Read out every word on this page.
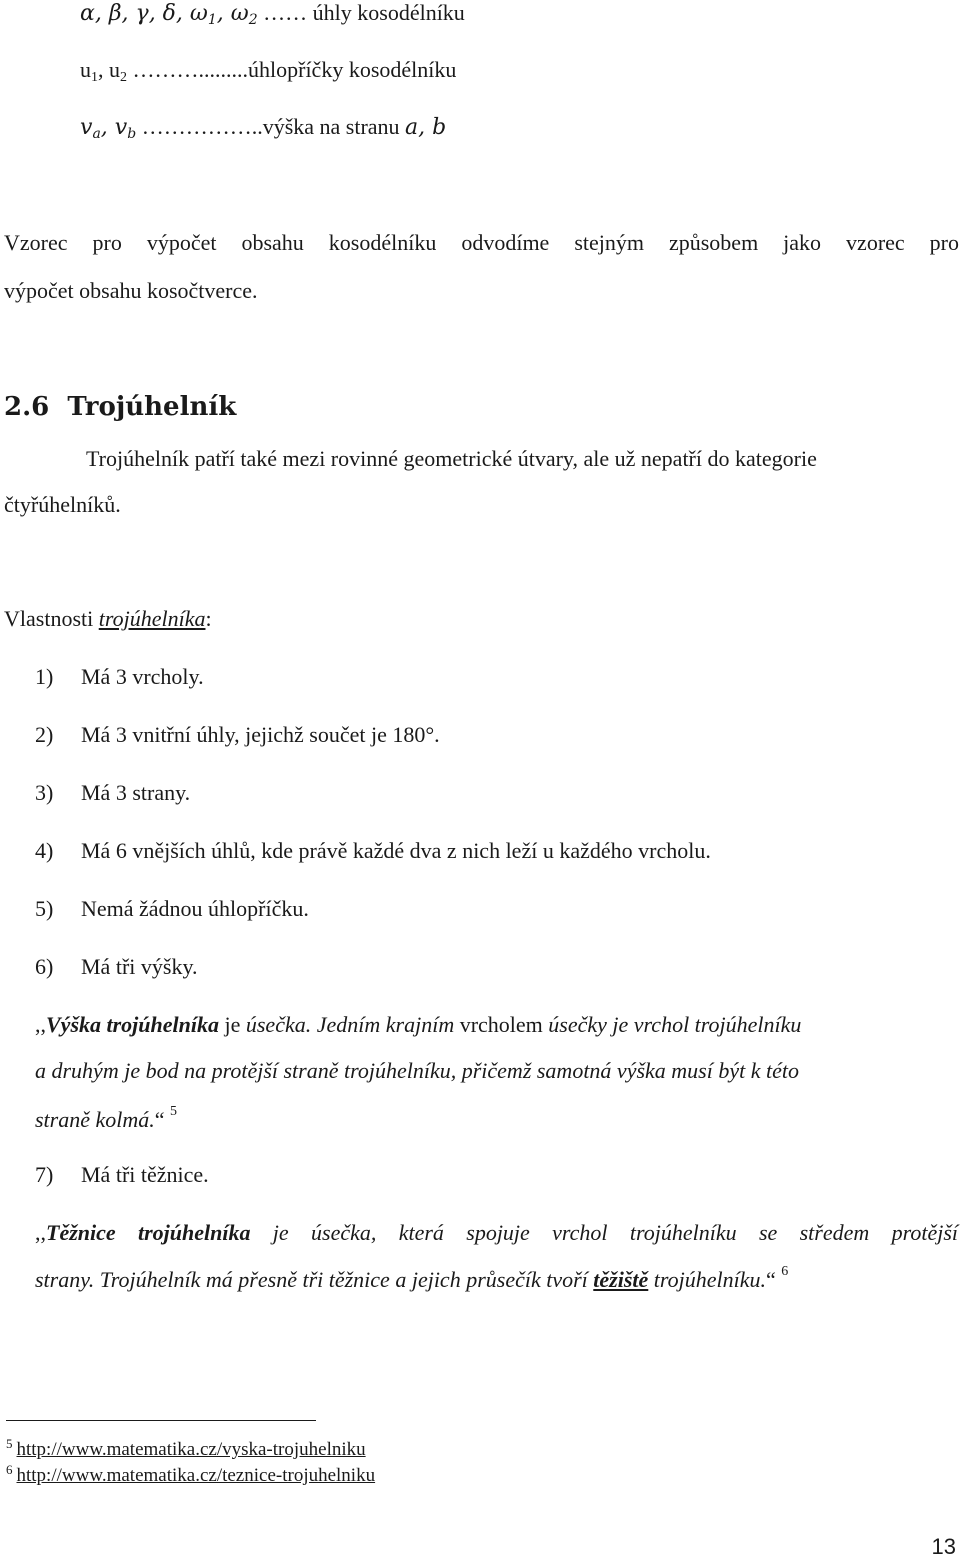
α, β, γ, δ, $\omega_1$, $\omega_2$ …… úhly kosodélníku
$u_1$, $u_2$ ……….........úhlopříčky kosodélníku
$v_a$, $v_b$ ……………..výška na stranu a, b
Vzorec pro výpočet obsahu kosodélníku odvodíme stejným způsobem jako vzorec pro
výpočet obsahu kosočtverce.
2.6 Trojúhelník
Trojúhelník patří také mezi rovinné geometrické útvary, ale už nepatří do kategorie
čtyřúhelníků.
Vlastnosti trojúhelníka:
1) Má 3 vrcholy.
2) Má 3 vnitřní úhly, jejichž součet je 180°.
3) Má 3 strany.
4) Má 6 vnějších úhlů, kde právě každé dva z nich leží u každého vrcholu.
5) Nemá žádnou úhlopříčku.
6) Má tři výšky.
,,Výška trojúhelníka je úsečka. Jedním krajním vrcholem úsečky je vrchol trojúhelníku
a druhým je bod na protější straně trojúhelníku, přičemž samotná výška musí být k této
straně kolmá.“ $^5$
7) Má tři těžnice.
,,Těžnice trojúhelníka je úsečka, která spojuje vrchol trojúhelníku se středem protější
strany. Trojúhelník má přesně tři těžnice a jejich průsečík tvoří těžiště trojúhelníku.“ $^6$
$^5$ http://www.matematika.cz/vyska-trojuhelniku
$^6$ http://www.matematika.cz/teznice-trojuhelniku
13
